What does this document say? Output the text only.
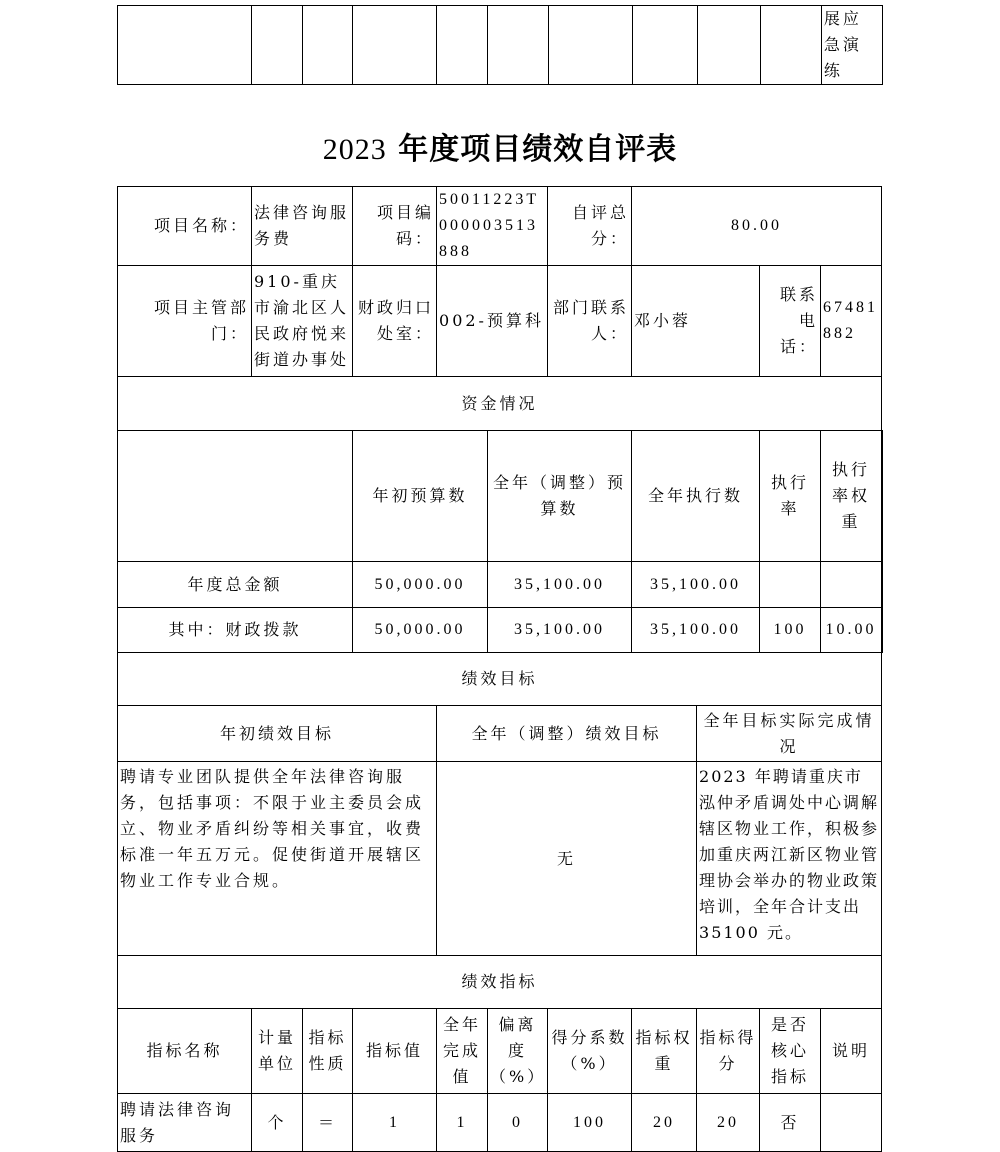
										展应急演练
2023 年度项目绩效自评表
项目名称：	法律咨询服务费		项目编码：	50011223T000003513888		自评总分：	80.00				
项目主管部门：	910-重庆市渝北区人民政府悦来街道办事处		财政归口处室：	002-预算科		部门联系人：	邓小蓉		联系电话：	67481882	
资金情况											
			年初预算数		全年（调整）预算数		全年执行数		执行率	执行率权重	
年度总金额			50,000.00		35,100.00		35,100.00				
其中：财政拨款			50,000.00		35,100.00		35,100.00		100	10.00	
绩效目标											
年初绩效目标				全年（调整）绩效目标				全年目标实际完成情况			
聘请专业团队提供全年法律咨询服务，包括事项：不限于业主委员会成立、物业矛盾纠纷等相关事宜，收费标准一年五万元。促使街道开展辖区物业工作专业合规。				无				2023 年聘请重庆市泓仲矛盾调处中心调解辖区物业工作，积极参加重庆两江新区物业管理协会举办的物业政策培训，全年合计支出 35100 元。			
绩效指标											
指标名称	计量单位	指标性质	指标值	全年完成值	偏离度（%）	得分系数（%）	指标权重	指标得分	是否核心指标	说明	
聘请法律咨询服务	个	＝	1	1	0	100	20	20	否		
